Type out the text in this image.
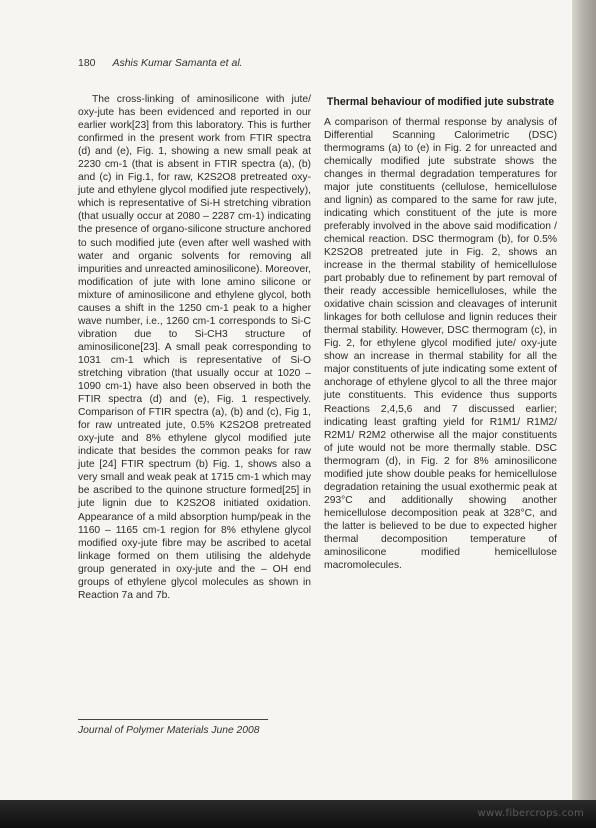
www.fibercrops.com
180 Ashis Kumar Samanta et al.

The cross-linking of aminosilicone with jute/ oxy-jute has been evidenced and reported in our earlier work[23] from this laboratory. This is further confirmed in the present work from FTIR spectra (d) and (e), Fig. 1, showing a new small peak at 2230 cm-1 (that is absent in FTIR spectra (a), (b) and (c) in Fig.1, for raw, K2S2O8 pretreated oxy-jute and ethylene glycol modified jute respectively), which is representative of Si-H stretching vibration (that usually occur at 2080 – 2287 cm-1) indicating the presence of organo-silicone structure anchored to such modified jute (even after well washed with water and organic solvents for removing all impurities and unreacted aminosilicone). Moreover, modification of jute with lone amino silicone or mixture of aminosilicone and ethylene glycol, both causes a shift in the 1250 cm-1 peak to a higher wave number, i.e., 1260 cm-1 corresponds to Si-C vibration due to Si-CH3 structure of aminosilicone[23]. A small peak corresponding to 1031 cm-1 which is representative of Si-O stretching vibration (that usually occur at 1020 – 1090 cm-1) have also been observed in both the FTIR spectra (d) and (e), Fig. 1 respectively. Comparison of FTIR spectra (a), (b) and (c), Fig 1, for raw untreated jute, 0.5% K2S2O8 pretreated oxy-jute and 8% ethylene glycol modified jute indicate that besides the common peaks for raw jute [24] FTIR spectrum (b) Fig. 1, shows also a very small and weak peak at 1715 cm-1 which may be ascribed to the quinone structure formed[25] in jute lignin due to K2S2O8 initiated oxidation. Appearance of a mild absorption hump/peak in the 1160 – 1165 cm-1 region for 8% ethylene glycol modified oxy-jute fibre may be ascribed to acetal linkage formed on them utilising the aldehyde group generated in oxy-jute and the – OH end groups of ethylene glycol molecules as shown in Reaction 7a and 7b.

Thermal behaviour of modified jute substrate

A comparison of thermal response by analysis of Differential Scanning Calorimetric (DSC) thermograms (a) to (e) in Fig. 2 for unreacted and chemically modified jute substrate shows the changes in thermal degradation temperatures for major jute constituents (cellulose, hemicellulose and lignin) as compared to the same for raw jute, indicating which constituent of the jute is more preferably involved in the above said modification / chemical reaction. DSC thermogram (b), for 0.5% K2S2O8 pretreated jute in Fig. 2, shows an increase in the thermal stability of hemicellulose part probably due to refinement by part removal of their ready accessible hemicelluloses, while the oxidative chain scission and cleavages of interunit linkages for both cellulose and lignin reduces their thermal stability. However, DSC thermogram (c), in Fig. 2, for ethylene glycol modified jute/ oxy-jute show an increase in thermal stability for all the major constituents of jute indicating some extent of anchorage of ethylene glycol to all the three major jute constituents. This evidence thus supports Reactions 2,4,5,6 and 7 discussed earlier; indicating least grafting yield for R1M1/ R1M2/ R2M1/ R2M2 otherwise all the major constituents of jute would not be more thermally stable. DSC thermogram (d), in Fig. 2 for 8% aminosilicone modified jute show double peaks for hemicellulose degradation retaining the usual exothermic peak at 293°C and additionally showing another hemicellulose decomposition peak at 328°C, and the latter is believed to be due to expected higher thermal decomposition temperature of aminosilicone modified hemicellulose macromolecules.

Journal of Polymer Materials June 2008
